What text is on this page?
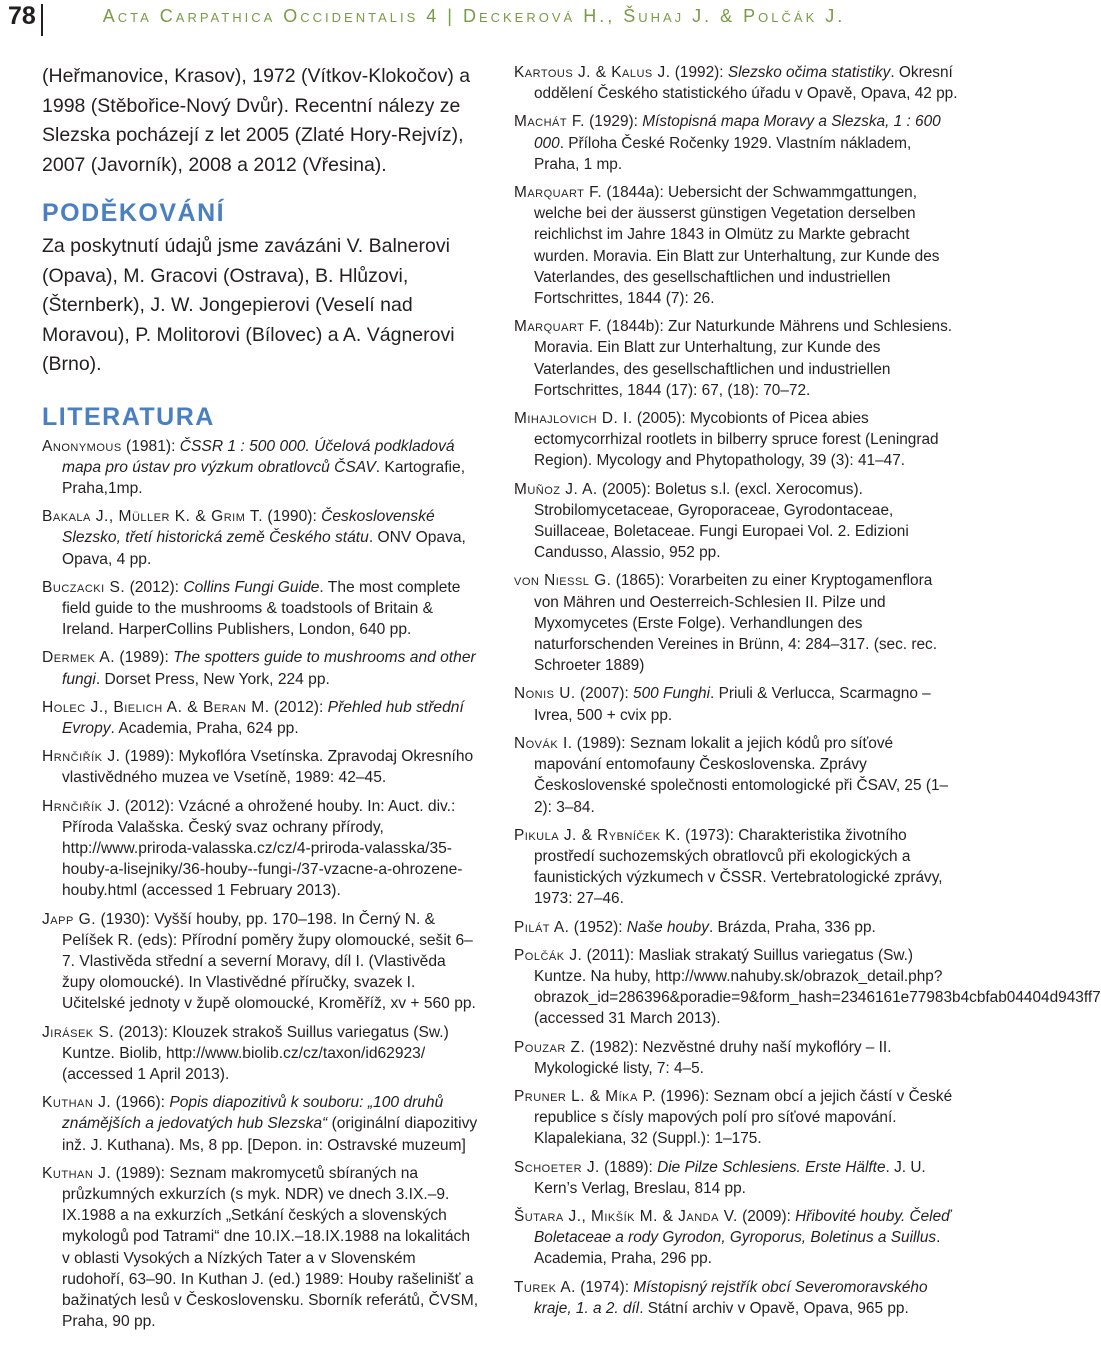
78	Acta Carpathica Occidentalis 4 | Deckerová H., Šuhaj J. & Polčák J.

(Heřmanovice, Krasov), 1972 (Vítkov-Klokočov) a 1998 (Stěbořice-Nový Dvůr). Recentní nálezy ze Slezska pocházejí z let 2005 (Zlaté Hory-Rejvíz), 2007 (Javorník), 2008 a 2012 (Vřesina).

PODĚKOVÁNÍ

Za poskytnutí údajů jsme zavázáni V. Balnerovi (Opava), M. Gracovi (Ostrava), B. Hlůzovi, (Šternberk), J. W. Jongepierovi (Veselí nad Moravou), P. Molitorovi (Bílovec) a A. Vágnerovi (Brno).

LITERATURA
Anonymous (1981): ČSSR 1 : 500 000. Účelová podkladová mapa pro ústav pro výzkum obratlovců ČSAV. Kartografie, Praha,1mp.
Bakala J., Müller K. & Grim T. (1990): Československé Slezsko, třetí historická země Českého státu. ONV Opava, Opava, 4 pp.
Buczacki S. (2012): Collins Fungi Guide. The most complete field guide to the mushrooms & toadstools of Britain & Ireland. HarperCollins Publishers, London, 640 pp.
Dermek A. (1989): The spotters guide to mushrooms and other fungi. Dorset Press, New York, 224 pp.
Holec J., Bielich A. & Beran M. (2012): Přehled hub střední Evropy. Academia, Praha, 624 pp.
Hrnčiřík J. (1989): Mykoflóra Vsetínska. Zpravodaj Okresního vlastivědného muzea ve Vsetíně, 1989: 42–45.
Hrnčiřík J. (2012): Vzácné a ohrožené houby. In: Auct. div.: Příroda Valašska. Český svaz ochrany přírody, http://www.priroda-valasska.cz/cz/4-priroda-valasska/35-houby-a-lisejniky/36-houby--fungi-/37-vzacne-a-ohrozene-houby.html (accessed 1 February 2013).
Japp G. (1930): Vyšší houby, pp. 170–198. In Černý N. & Pelíšek R. (eds): Přírodní poměry župy olomoucké, sešit 6–7. Vlastivěda střední a severní Moravy, díl I. (Vlastivěda župy olomoucké). In Vlastivědné příručky, svazek I. Učitelské jednoty v župě olomoucké, Kroměříž, xv + 560 pp.
Jirásek S. (2013): Klouzek strakoš Suillus variegatus (Sw.) Kuntze. Biolib, http://www.biolib.cz/cz/taxon/id62923/ (accessed 1 April 2013).
Kuthan J. (1966): Popis diapozitivů k souboru: „100 druhů známějších a jedovatých hub Slezska“ (originální diapozitivy inž. J. Kuthana). Ms, 8 pp. [Depon. in: Ostravské muzeum]
Kuthan J. (1989): Seznam makromycetů sbíraných na průzkumných exkurzích (s myk. NDR) ve dnech 3.IX.–9. IX.1988 a na exkurzích „Setkání českých a slovenských mykologů pod Tatrami“ dne 10.IX.–18.IX.1988 na lokalitách v oblasti Vysokých a Nízkých Tater a v Slovenském rudohoří, 63–90. In Kuthan J. (ed.) 1989: Houby rašelinišť a bažinatých lesů v Československu. Sborník referátů, ČVSM, Praha, 90 pp.
Kartous J. & Kalus J. (1992): Slezsko očima statistiky. Okresní oddělení Českého statistického úřadu v Opavě, Opava, 42 pp.
Machát F. (1929): Místopisná mapa Moravy a Slezska, 1 : 600 000. Příloha České Ročenky 1929. Vlastním nákladem, Praha, 1 mp.
Marquart F. (1844a): Uebersicht der Schwammgattungen, welche bei der äusserst günstigen Vegetation derselben reichlichst im Jahre 1843 in Olmütz zu Markte gebracht wurden. Moravia. Ein Blatt zur Unterhaltung, zur Kunde des Vaterlandes, des gesellschaftlichen und industriellen Fortschrittes, 1844 (7): 26.
Marquart F. (1844b): Zur Naturkunde Mährens und Schlesiens. Moravia. Ein Blatt zur Unterhaltung, zur Kunde des Vaterlandes, des gesellschaftlichen und industriellen Fortschrittes, 1844 (17): 67, (18): 70–72.
Mihajlovich D. I. (2005): Mycobionts of Picea abies ectomycorrhizal rootlets in bilberry spruce forest (Leningrad Region). Mycology and Phytopathology, 39 (3): 41–47.
Muñoz J. A. (2005): Boletus s.l. (excl. Xerocomus). Strobilomycetaceae, Gyroporaceae, Gyrodontaceae, Suillaceae, Boletaceae. Fungi Europaei Vol. 2. Edizioni Candusso, Alassio, 952 pp.
von Niessl G. (1865): Vorarbeiten zu einer Kryptogamenflora von Mähren und Oesterreich-Schlesien II. Pilze und Myxomycetes (Erste Folge). Verhandlungen des naturforschenden Vereines in Brünn, 4: 284–317. (sec. rec. Schroeter 1889)
Nonis U. (2007): 500 Funghi. Priuli & Verlucca, Scarmagno – Ivrea, 500 + cvix pp.
Novák I. (1989): Seznam lokalit a jejich kódů pro síťové mapování entomofauny Československa. Zprávy Československé společnosti entomologické při ČSAV, 25 (1–2): 3–84.
Pikula J. & Rybníček K. (1973): Charakteristika životního prostředí suchozemských obratlovců při ekologických a faunistických výzkumech v ČSSR. Vertebratologické zprávy, 1973: 27–46.
Pilát A. (1952): Naše houby. Brázda, Praha, 336 pp.
Polčák J. (2011): Masliak strakatý Suillus variegatus (Sw.) Kuntze. Na huby, http://www.nahuby.sk/obrazok_detail.php?obrazok_id=286396&poradie=9&form_hash=2346161e77983b4cbfab04404d943ff7 (accessed 31 March 2013).
Pouzar Z. (1982): Nezvěstné druhy naší mykoflóry – II. Mykologické listy, 7: 4–5.
Pruner L. & Míka P. (1996): Seznam obcí a jejich částí v České republice s čísly mapových polí pro síťové mapování. Klapalekiana, 32 (Suppl.): 1–175.
Schoeter J. (1889): Die Pilze Schlesiens. Erste Hälfte. J. U. Kern’s Verlag, Breslau, 814 pp.
Šutara J., Mikšík M. & Janda V. (2009): Hřibovité houby. Čeleď Boletaceae a rody Gyrodon, Gyroporus, Boletinus a Suillus. Academia, Praha, 296 pp.
Turek A. (1974): Místopisný rejstřík obcí Severomoravského kraje, 1. a 2. díl. Státní archiv v Opavě, Opava, 965 pp.
